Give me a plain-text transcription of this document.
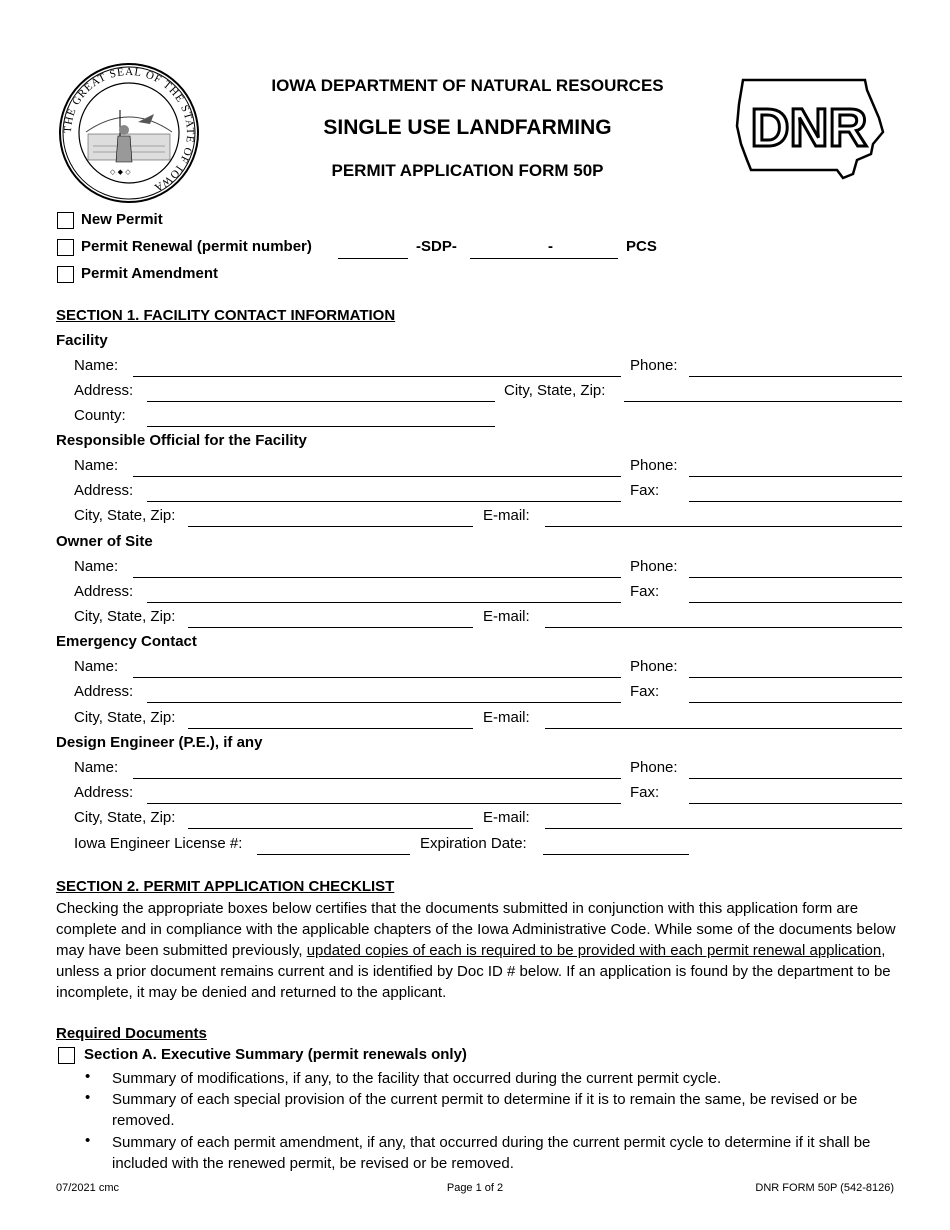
THE GREAT SEAL OF THE STATE OF IOWA
◇ ◆ ◇
IOWA DEPARTMENT OF NATURAL RESOURCES
SINGLE USE LANDFARMING
PERMIT APPLICATION FORM 50P
DNR
New Permit
Permit Renewal (permit number)	-SDP-	-	PCS
Permit Amendment
SECTION 1. FACILITY CONTACT INFORMATION
Facility
Name:	Phone:
Address:	City, State, Zip:
County:
Responsible Official for the Facility
Name:	Phone:
Address:	Fax:
City, State, Zip:	E-mail:
Owner of Site
Name:	Phone:
Address:	Fax:
City, State, Zip:	E-mail:
Emergency Contact
Name:	Phone:
Address:	Fax:
City, State, Zip:	E-mail:
Design Engineer (P.E.), if any
Name:	Phone:
Address:	Fax:
City, State, Zip:	E-mail:
Iowa Engineer License #:	Expiration Date:
SECTION 2. PERMIT APPLICATION CHECKLIST
Checking the appropriate boxes below certifies that the documents submitted in conjunction with this application form are complete and in compliance with the applicable chapters of the Iowa Administrative Code. While some of the documents below may have been submitted previously, updated copies of each is required to be provided with each permit renewal application, unless a prior document remains current and is identified by Doc ID # below. If an application is found by the department to be incomplete, it may be denied and returned to the applicant.
Required Documents
Section A. Executive Summary (permit renewals only)
• Summary of modifications, if any, to the facility that occurred during the current permit cycle.
• Summary of each special provision of the current permit to determine if it is to remain the same, be revised or be removed.
• Summary of each permit amendment, if any, that occurred during the current permit cycle to determine if it shall be included with the renewed permit, be revised or be removed.
07/2021 cmc	Page 1 of 2	DNR FORM 50P (542-8126)
